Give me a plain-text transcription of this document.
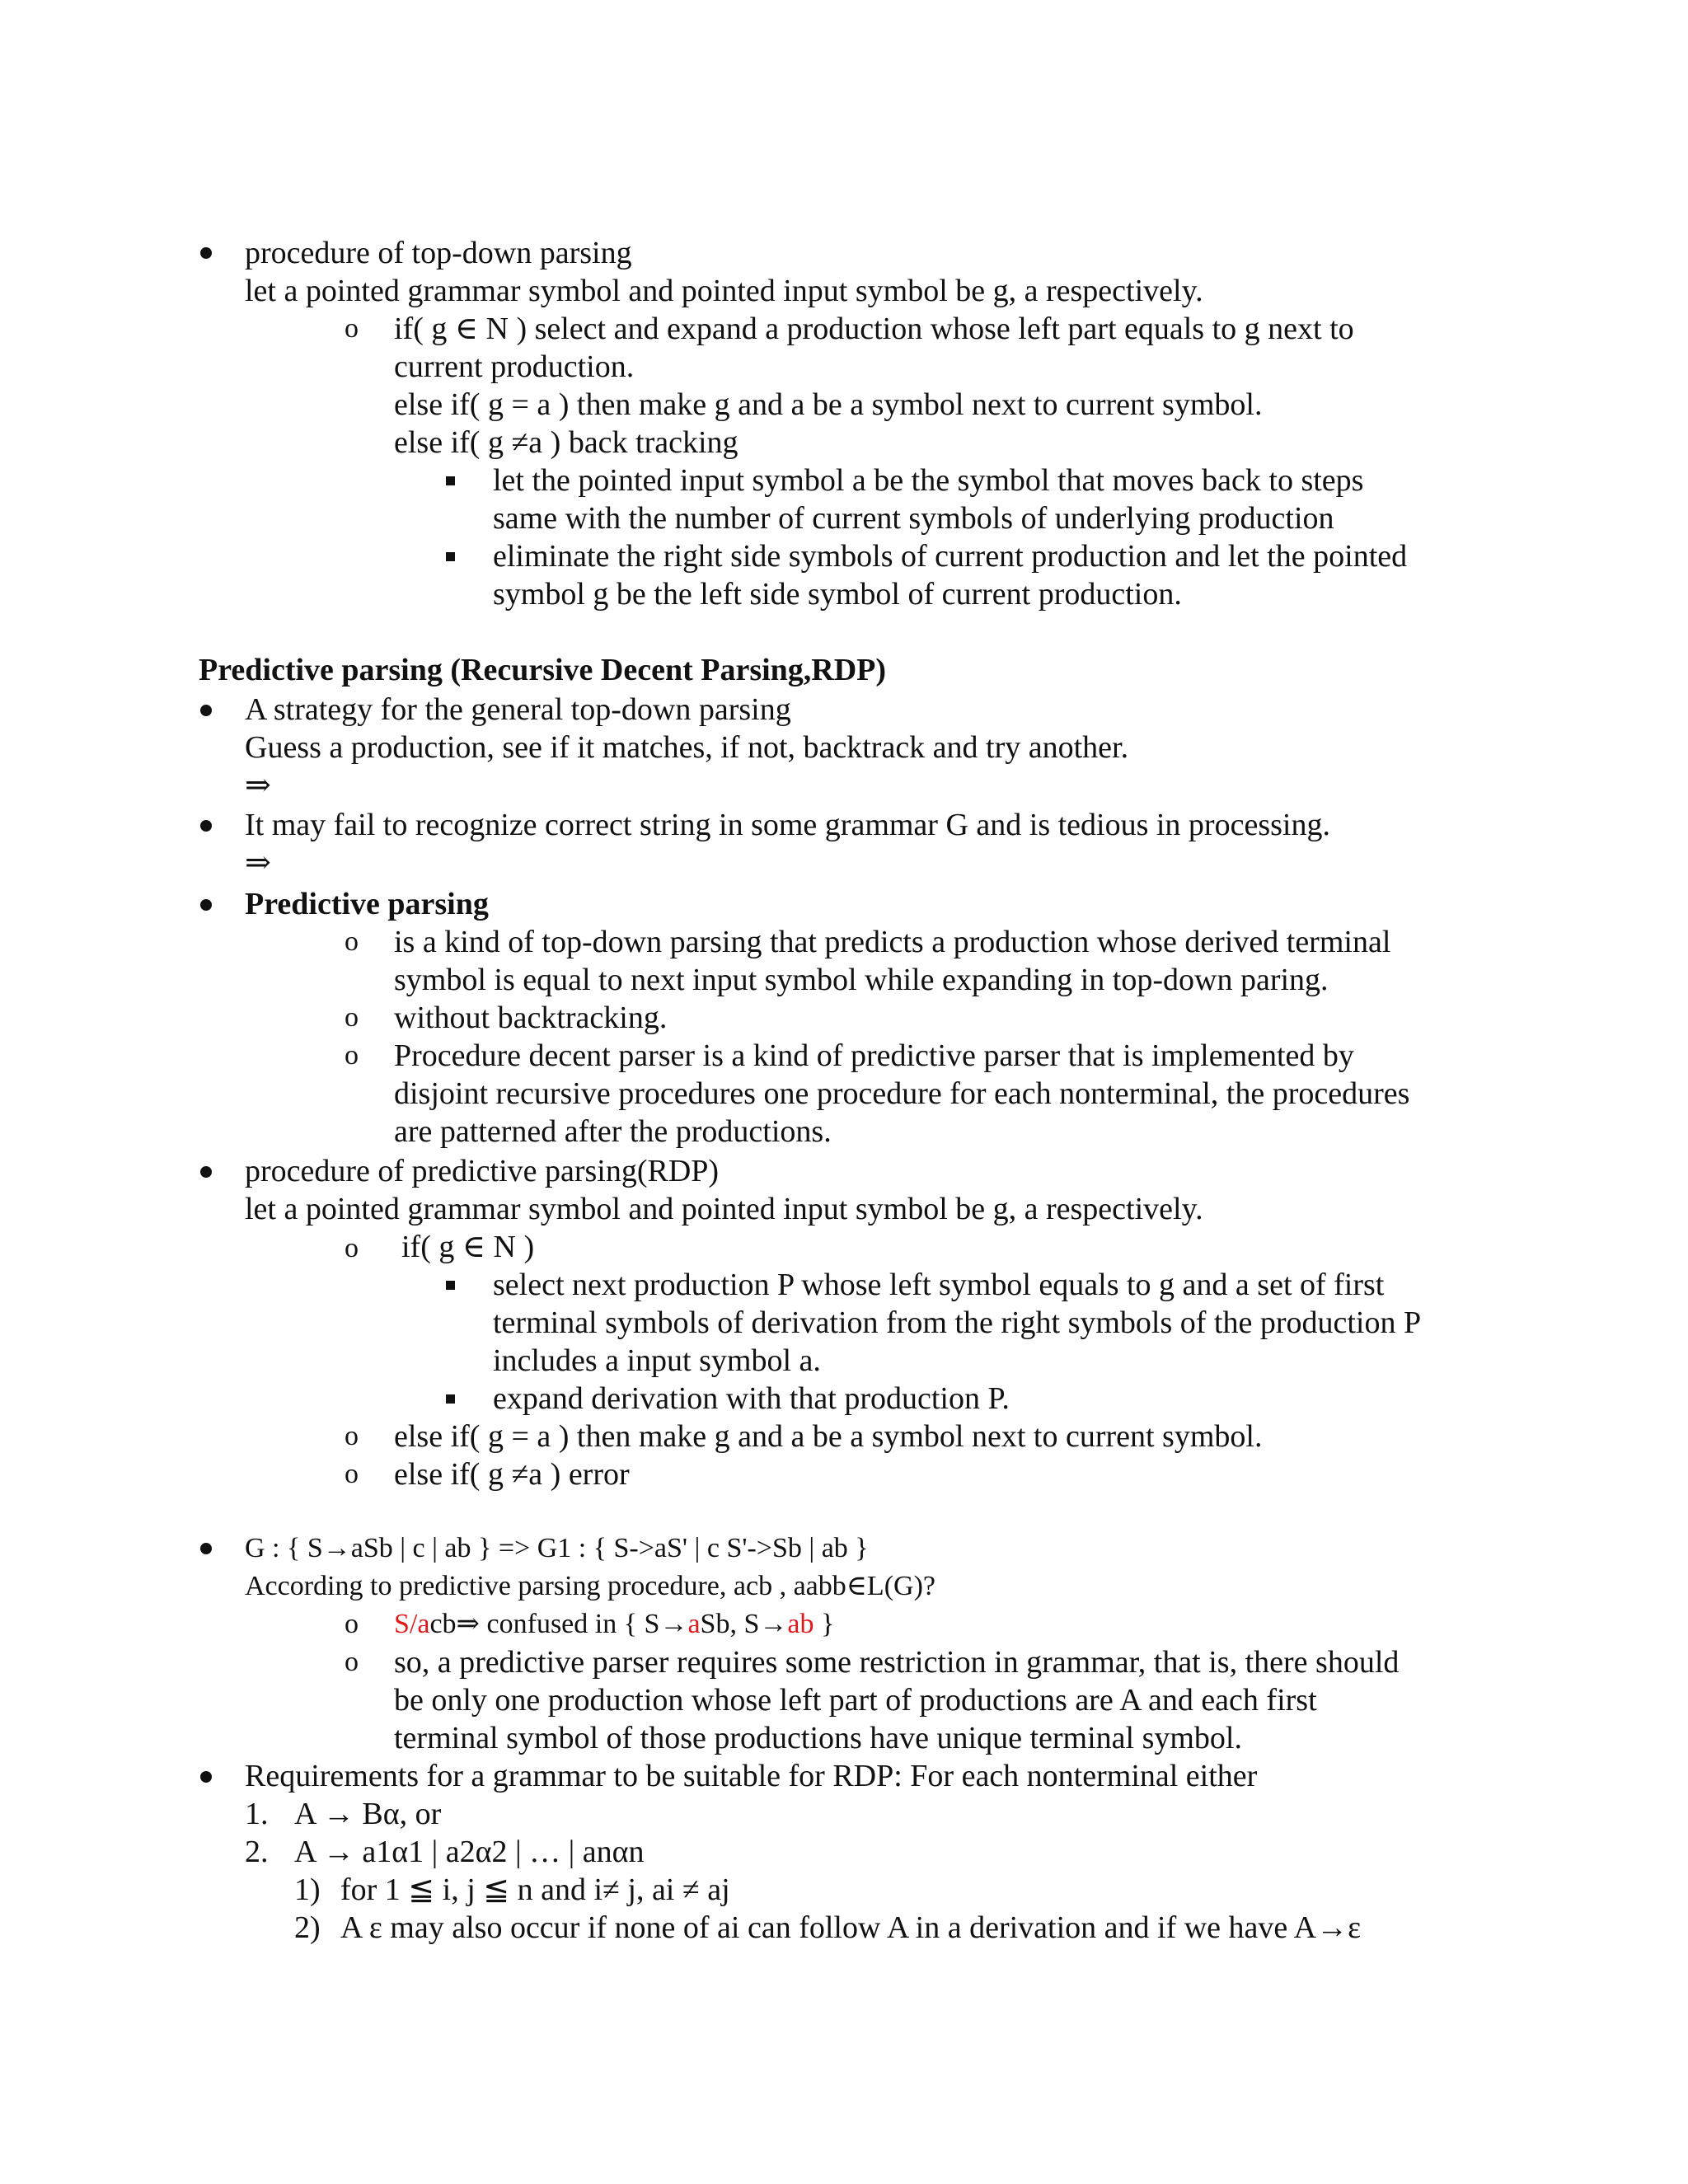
procedure of top-down parsing
let a pointed grammar symbol and pointed input symbol be g, a respectively.
o if( g ∈ N ) select and expand a production whose left part equals to g next to
current production.
else if( g = a ) then make g and a be a symbol next to current symbol.
else if( g ≠a ) back tracking
let the pointed input symbol a be the symbol that moves back to steps
same with the number of current symbols of underlying production
eliminate the right side symbols of current production and let the pointed
symbol g be the left side symbol of current production.
Predictive parsing (Recursive Decent Parsing,RDP)
A strategy for the general top-down parsing
Guess a production, see if it matches, if not, backtrack and try another.
⇒
It may fail to recognize correct string in some grammar G and is tedious in processing.
⇒
Predictive parsing
o is a kind of top-down parsing that predicts a production whose derived terminal
symbol is equal to next input symbol while expanding in top-down paring.
o without backtracking.
o Procedure decent parser is a kind of predictive parser that is implemented by
disjoint recursive procedures one procedure for each nonterminal, the procedures
are patterned after the productions.
procedure of predictive parsing(RDP)
let a pointed grammar symbol and pointed input symbol be g, a respectively.
o if( g ∈ N )
select next production P whose left symbol equals to g and a set of first
terminal symbols of derivation from the right symbols of the production P
includes a input symbol a.
expand derivation with that production P.
o else if( g = a ) then make g and a be a symbol next to current symbol.
o else if( g ≠a ) error
G : { S→aSb | c | ab } => G1 : { S->aS' | c S'->Sb | ab }
According to predictive parsing procedure, acb , aabb∈L(G)?
o S/acb⇒ confused in { S→aSb, S→ab }
o so, a predictive parser requires some restriction in grammar, that is, there should
be only one production whose left part of productions are A and each first
terminal symbol of those productions have unique terminal symbol.
Requirements for a grammar to be suitable for RDP: For each nonterminal either
1. A → Bα, or
2. A → a1α1 | a2α2 | … | anαn
1) for 1 ≦ i, j ≦ n and i≠ j, ai ≠ aj
2) A ε may also occur if none of ai can follow A in a derivation and if we have A→ε
